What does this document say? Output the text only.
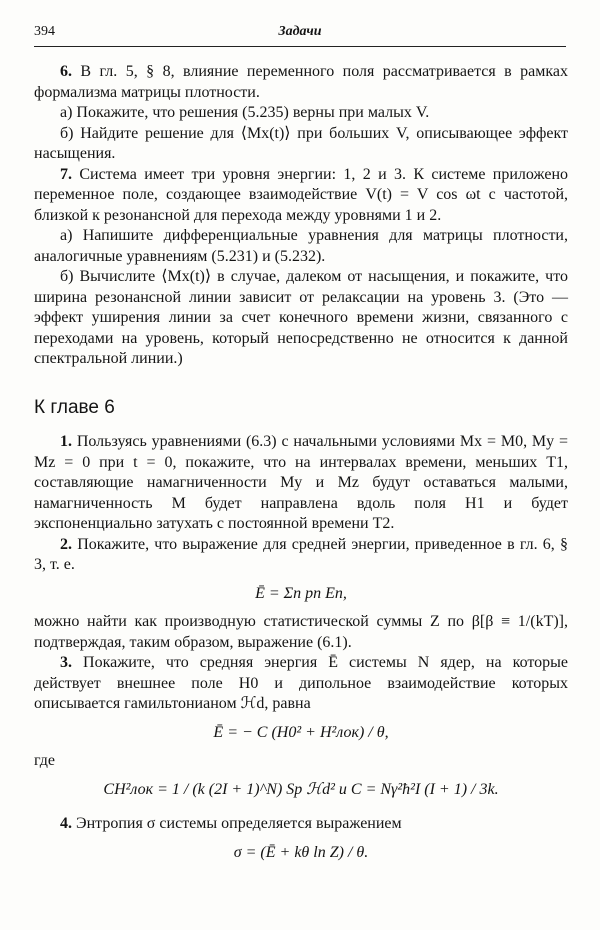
394	Задачи

6. В гл. 5, § 8, влияние переменного поля рассматривается в рамках формализма матрицы плотности.

а) Покажите, что решения (5.235) верны при малых V.

б) Найдите решение для ⟨Mx(t)⟩ при больших V, описывающее эффект насыщения.

7. Система имеет три уровня энергии: 1, 2 и 3. К системе приложено переменное поле, создающее взаимодействие V(t) = V cos ωt с частотой, близкой к резонансной для перехода между уровнями 1 и 2.

а) Напишите дифференциальные уравнения для матрицы плотности, аналогичные уравнениям (5.231) и (5.232).

б) Вычислите ⟨Mx(t)⟩ в случае, далеком от насыщения, и покажите, что ширина резонансной линии зависит от релаксации на уровень 3. (Это — эффект уширения линии за счет конечного времени жизни, связанного с переходами на уровень, который непосредственно не относится к данной спектральной линии.)

К главе 6

1. Пользуясь уравнениями (6.3) с начальными условиями Mx = M0, My = Mz = 0 при t = 0, покажите, что на интервалах времени, меньших T1, составляющие намагниченности My и Mz будут оставаться малыми, намагниченность M будет направлена вдоль поля H1 и будет экспоненциально затухать с постоянной времени T2.

2. Покажите, что выражение для средней энергии, приведенное в гл. 6, § 3, т. е.

Ē = Σn pn En,

можно найти как производную статистической суммы Z по β[β ≡ 1/(kT)], подтверждая, таким образом, выражение (6.1).

3. Покажите, что средняя энергия Ē системы N ядер, на которые действует внешнее поле H0 и дипольное взаимодействие которых описывается гамильтонианом ℋd, равна

Ē = − C (H0² + H²лок) / θ,

где

CH²лок = 1 / (k (2I + 1)^N) Sp ℋd² и C = Nγ²ħ²I (I + 1) / 3k.

4. Энтропия σ системы определяется выражением

σ = (Ē + kθ ln Z) / θ.
